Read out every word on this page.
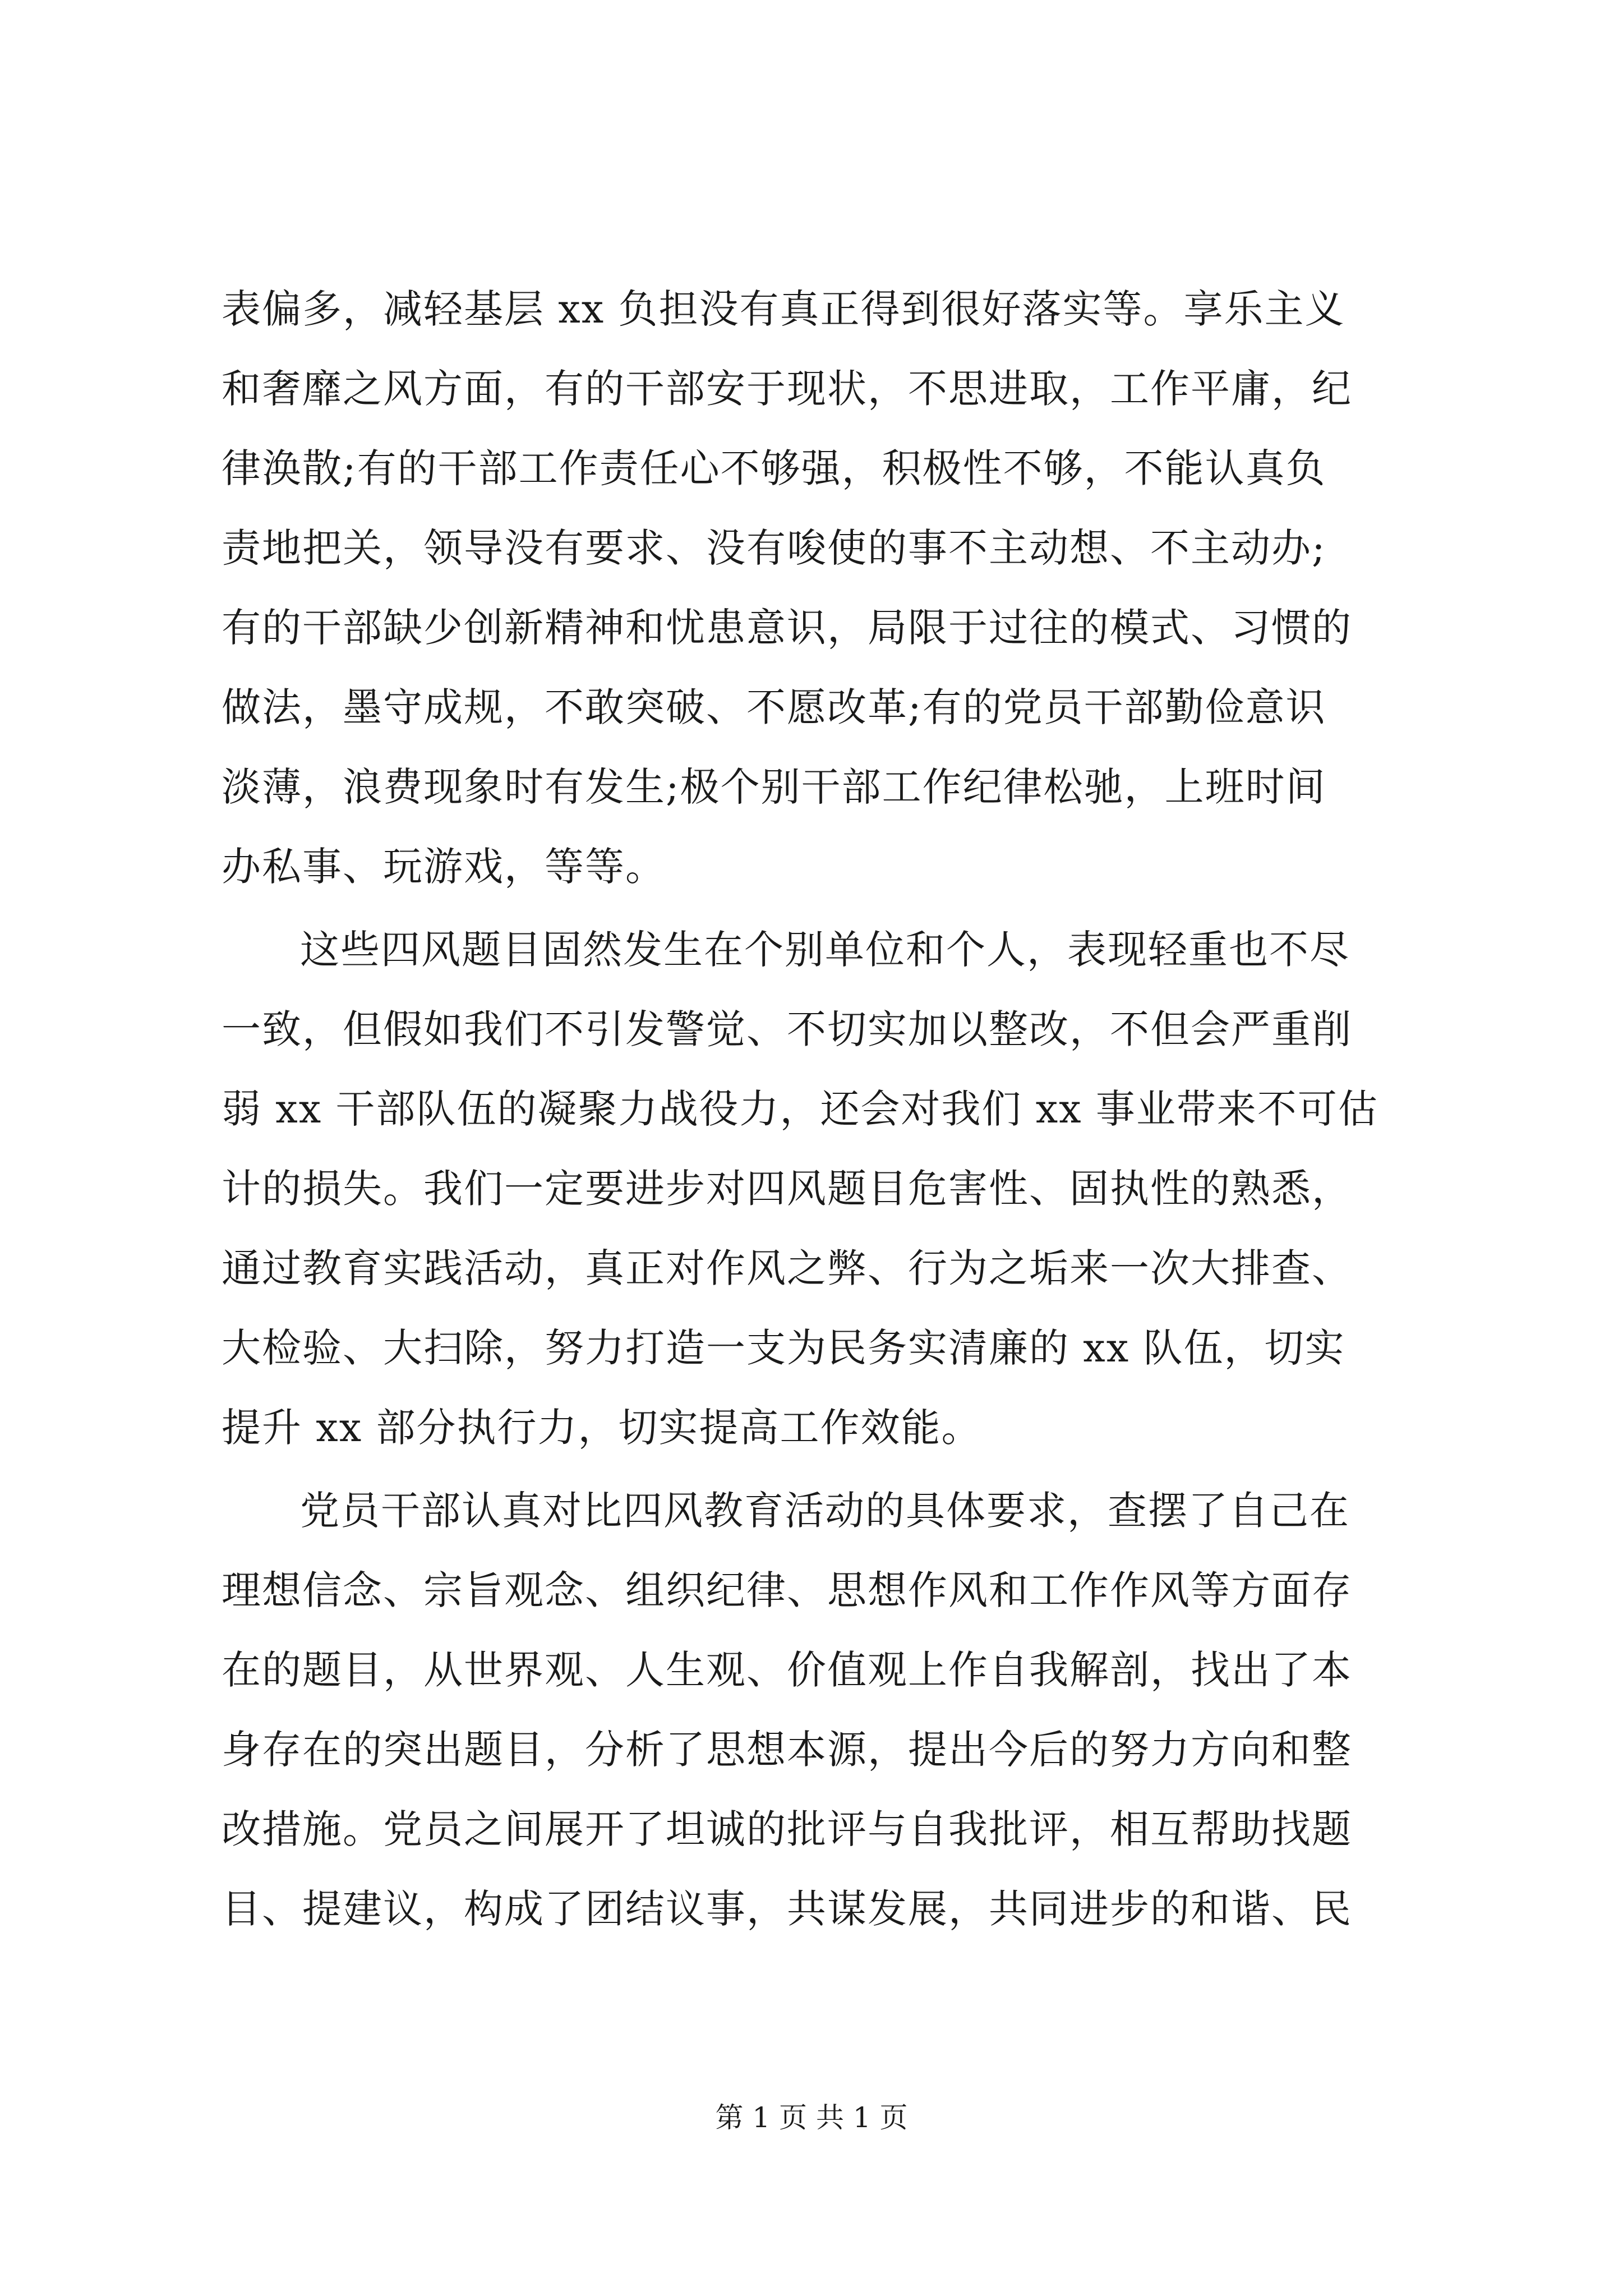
表偏多，减轻基层 xx 负担没有真正得到很好落实等。享乐主义
和奢靡之风方面，有的干部安于现状，不思进取，工作平庸，纪
律涣散;有的干部工作责任心不够强，积极性不够，不能认真负
责地把关，领导没有要求、没有唆使的事不主动想、不主动办;
有的干部缺少创新精神和忧患意识，局限于过往的模式、习惯的
做法，墨守成规，不敢突破、不愿改革;有的党员干部勤俭意识
淡薄，浪费现象时有发生;极个别干部工作纪律松驰，上班时间
办私事、玩游戏，等等。
这些四风题目固然发生在个别单位和个人，表现轻重也不尽
一致，但假如我们不引发警觉、不切实加以整改，不但会严重削
弱 xx 干部队伍的凝聚力战役力，还会对我们 xx 事业带来不可估
计的损失。我们一定要进步对四风题目危害性、固执性的熟悉，
通过教育实践活动，真正对作风之弊、行为之垢来一次大排查、
大检验、大扫除，努力打造一支为民务实清廉的 xx 队伍，切实
提升 xx 部分执行力，切实提高工作效能。
党员干部认真对比四风教育活动的具体要求，查摆了自己在
理想信念、宗旨观念、组织纪律、思想作风和工作作风等方面存
在的题目，从世界观、人生观、价值观上作自我解剖，找出了本
身存在的突出题目，分析了思想本源，提出今后的努力方向和整
改措施。党员之间展开了坦诚的批评与自我批评，相互帮助找题
目、提建议，构成了团结议事，共谋发展，共同进步的和谐、民
第 1 页 共 1 页
